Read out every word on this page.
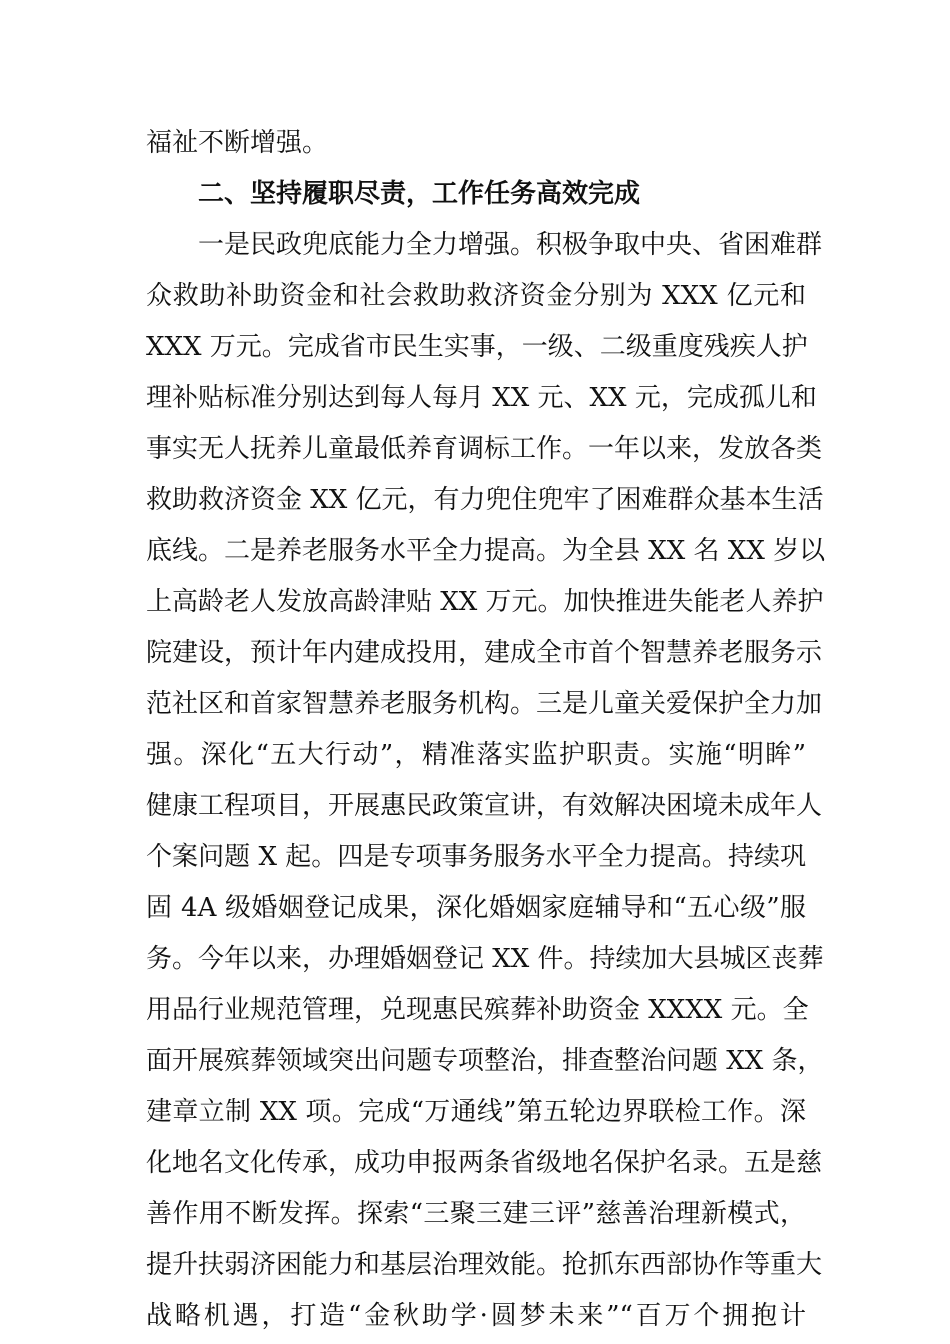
福祉不断增强。
二、坚持履职尽责，工作任务高效完成
一是民政兜底能力全力增强。积极争取中央、省困难群
众救助补助资金和社会救助救济资金分别为 XXX 亿元和
XXX 万元。完成省市民生实事，一级、二级重度残疾人护
理补贴标准分别达到每人每月 XX 元、XX 元，完成孤儿和
事实无人抚养儿童最低养育调标工作。一年以来，发放各类
救助救济资金 XX 亿元，有力兜住兜牢了困难群众基本生活
底线。二是养老服务水平全力提高。为全县 XX 名 XX 岁以
上高龄老人发放高龄津贴 XX 万元。加快推进失能老人养护
院建设，预计年内建成投用，建成全市首个智慧养老服务示
范社区和首家智慧养老服务机构。三是儿童关爱保护全力加
强。深化“五大行动”，精准落实监护职责。实施“明眸”
健康工程项目，开展惠民政策宣讲，有效解决困境未成年人
个案问题 X 起。四是专项事务服务水平全力提高。持续巩
固 4A 级婚姻登记成果，深化婚姻家庭辅导和“五心级”服
务。今年以来，办理婚姻登记 XX 件。持续加大县城区丧葬
用品行业规范管理，兑现惠民殡葬补助资金 XXXX 元。全
面开展殡葬领域突出问题专项整治，排查整治问题 XX 条，
建章立制 XX 项。完成“万通线”第五轮边界联检工作。深
化地名文化传承，成功申报两条省级地名保护名录。五是慈
善作用不断发挥。探索“三聚三建三评”慈善治理新模式，
提升扶弱济困能力和基层治理效能。抢抓东西部协作等重大
战略机遇，打造“金秋助学·圆梦未来”“百万个拥抱计
